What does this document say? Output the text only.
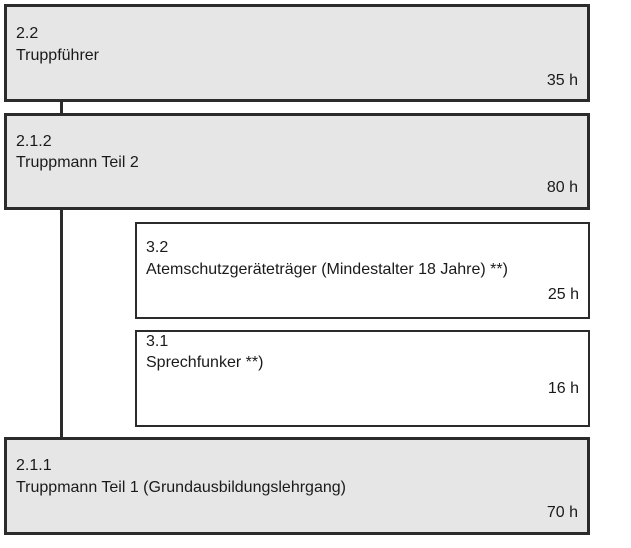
2.2
Truppführer
35 h
2.1.2
Truppmann Teil 2
80 h
3.2
Atemschutzgeräteträger (Mindestalter 18 Jahre) **)
25 h
3.1
Sprechfunker **)
16 h
2.1.1
Truppmann Teil 1 (Grundausbildungslehrgang)
70 h
